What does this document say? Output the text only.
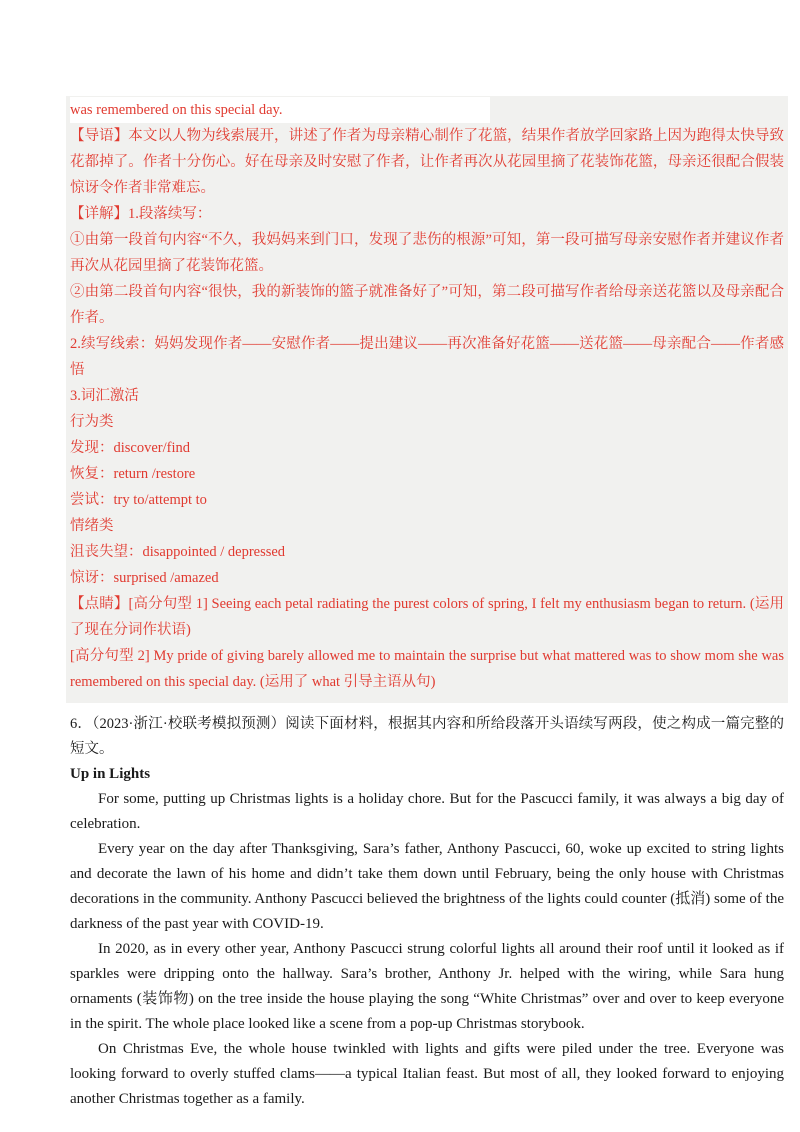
was remembered on this special day.

【导语】本文以人物为线索展开，讲述了作者为母亲精心制作了花篮，结果作者放学回家路上因为跑得太快导致花都掉了。作者十分伤心。好在母亲及时安慰了作者，让作者再次从花园里摘了花装饰花篮，母亲还很配合假装惊讶令作者非常难忘。

【详解】1.段落续写：

①由第一段首句内容“不久，我妈妈来到门口，发现了悲伤的根源”可知，第一段可描写母亲安慰作者并建议作者再次从花园里摘了花装饰花篮。

②由第二段首句内容“很快，我的新装饰的篮子就准备好了”可知，第二段可描写作者给母亲送花篮以及母亲配合作者。

2.续写线索：妈妈发现作者——安慰作者——提出建议——再次准备好花篮——送花篮——母亲配合——作者感悟

3.词汇激活

行为类

发现：discover/find

恢复：return /restore

尝试：try to/attempt to

情绪类

沮丧失望：disappointed / depressed

惊讶：surprised /amazed

【点睛】[高分句型 1] Seeing each petal radiating the purest colors of spring, I felt my enthusiasm began to return. (运用了现在分词作状语)

[高分句型 2] My pride of giving barely allowed me to maintain the surprise but what mattered was to show mom she was remembered on this special day. (运用了 what 引导主语从句)

6．（2023·浙江·校联考模拟预测）阅读下面材料，根据其内容和所给段落开头语续写两段，使之构成一篇完整的短文。

Up in Lights

For some, putting up Christmas lights is a holiday chore. But for the Pascucci family, it was always a big day of celebration.

Every year on the day after Thanksgiving, Sara’s father, Anthony Pascucci, 60, woke up excited to string lights and decorate the lawn of his home and didn’t take them down until February, being the only house with Christmas decorations in the community. Anthony Pascucci believed the brightness of the lights could counter (抵消) some of the darkness of the past year with COVID-19.

In 2020, as in every other year, Anthony Pascucci strung colorful lights all around their roof until it looked as if sparkles were dripping onto the hallway. Sara’s brother, Anthony Jr. helped with the wiring, while Sara hung ornaments (装饰物) on the tree inside the house playing the song “White Christmas” over and over to keep everyone in the spirit. The whole place looked like a scene from a pop-up Christmas storybook.

On Christmas Eve, the whole house twinkled with lights and gifts were piled under the tree. Everyone was looking forward to overly stuffed clams——a typical Italian feast. But most of all, they looked forward to enjoying another Christmas together as a family.
